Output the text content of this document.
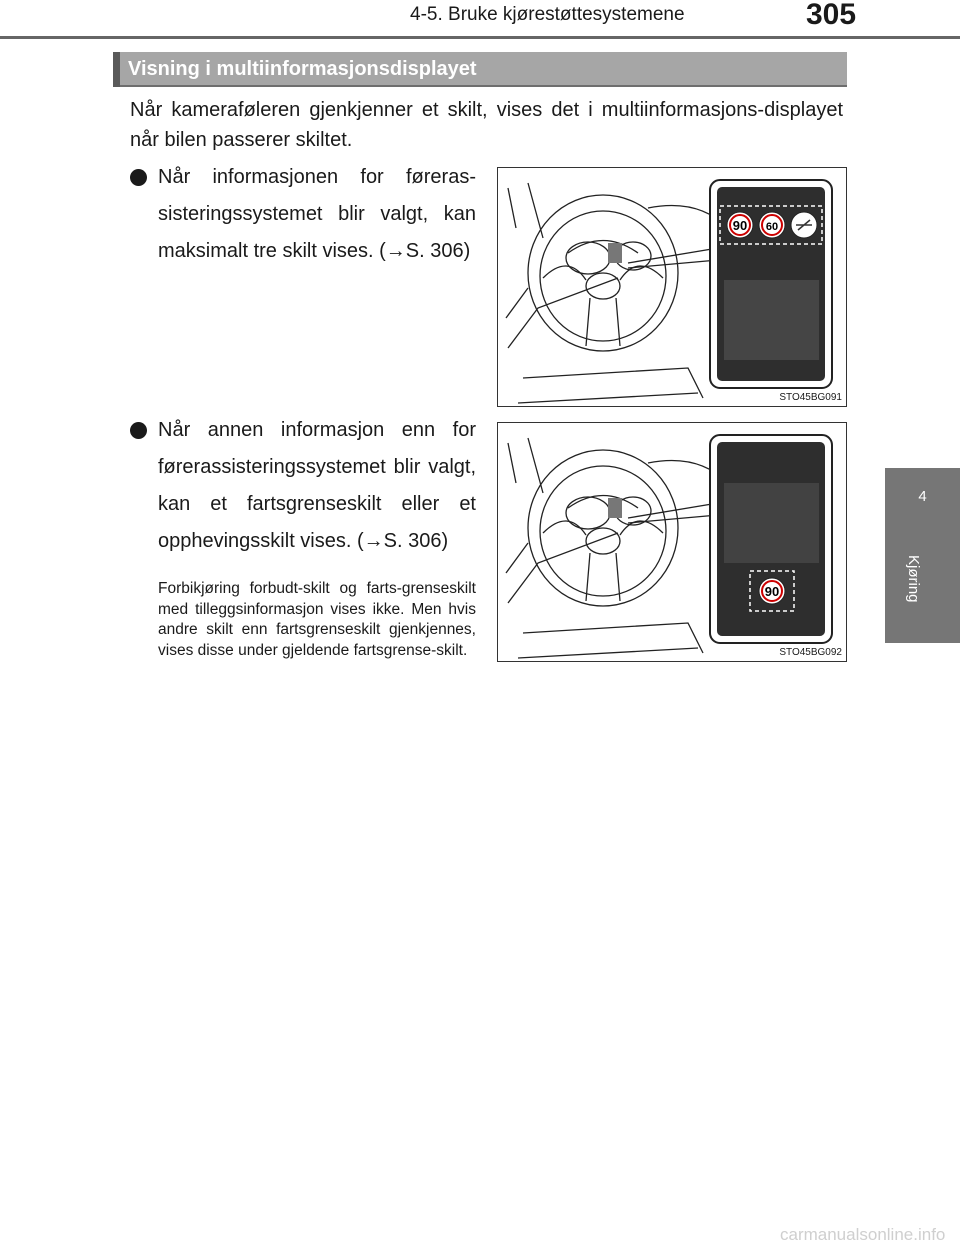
4-5. Bruke kjørestøttesystemene	305
4
Kjøring
Visning i multiinformasjonsdisplayet
Når kameraføleren gjenkjenner et skilt, vises det i multiinformasjons-displayet når bilen passerer skiltet.
Når informasjonen for føreras-sisteringssystemet blir valgt, kan maksimalt tre skilt vises. (→S. 306)
Når annen informasjon enn for førerassisteringssystemet blir valgt, kan et fartsgrenseskilt eller et opphevingsskilt vises. (→S. 306)
Forbikjøring forbudt-skilt og farts-grenseskilt med tilleggsinformasjon vises ikke. Men hvis andre skilt enn fartsgrenseskilt gjenkjennes, vises disse under gjeldende fartsgrense-skilt.
90 60
STO45BG091
90
STO45BG092
carmanualsonline.info
